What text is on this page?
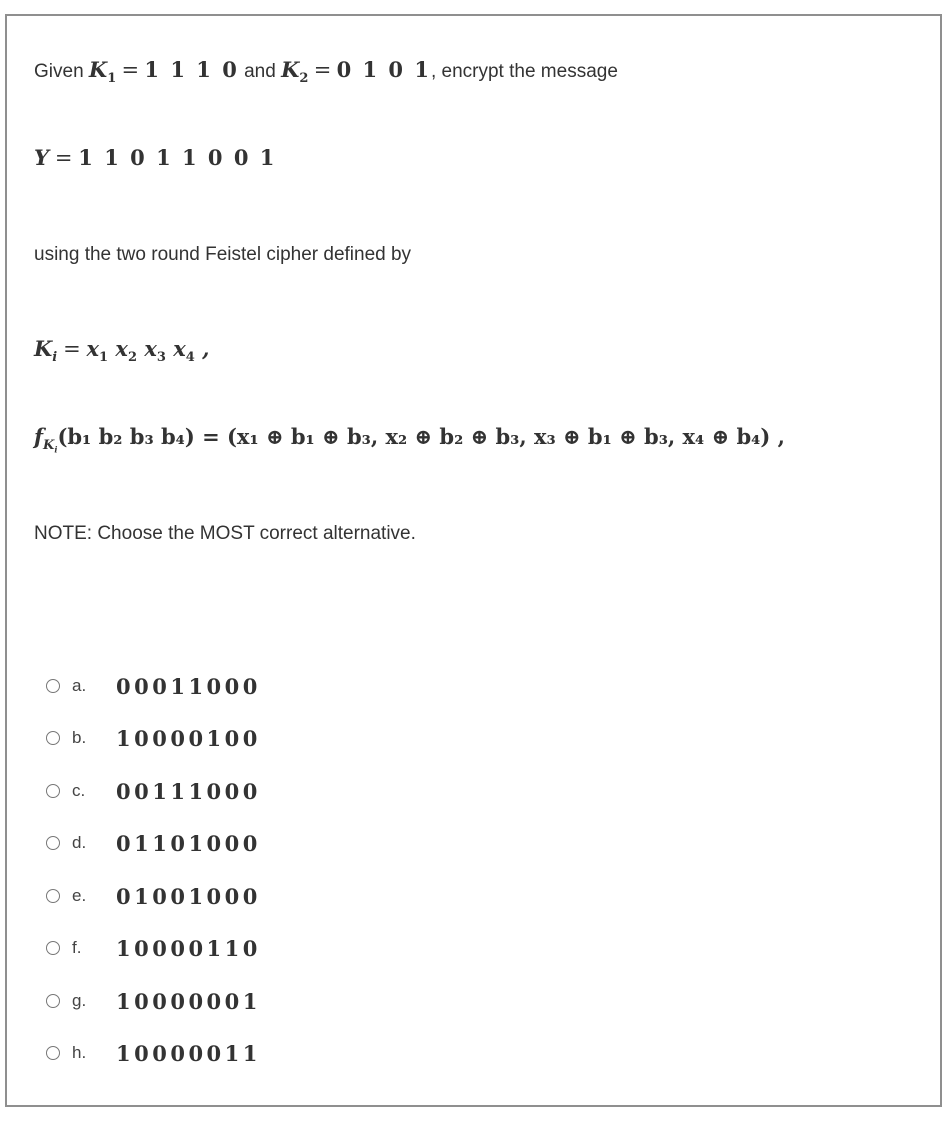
Given $K_1 = 1$ 1 1 0 and $K_2 = 0$ 1 0 1, encrypt the message
Y = 1 1 0 1 1 0 0 1
using the two round Feistel cipher defined by
$K_i = x_1$ $x_2$ $x_3$ $x_4$ ,
$f_{K_i}(b_1$ b₂ b₃ b₄) = (x₁ ⊕ b₁ ⊕ b₃, x₂ ⊕ b₂ ⊕ b₃, x₃ ⊕ b₁ ⊕ b₃, x₄ ⊕ b₄) ,
NOTE: Choose the MOST correct alternative.
a.	00011000
b.	10000100
c.	00111000
d.	01101000
e.	01001000
f.	10000110
g.	10000001
h.	10000011
